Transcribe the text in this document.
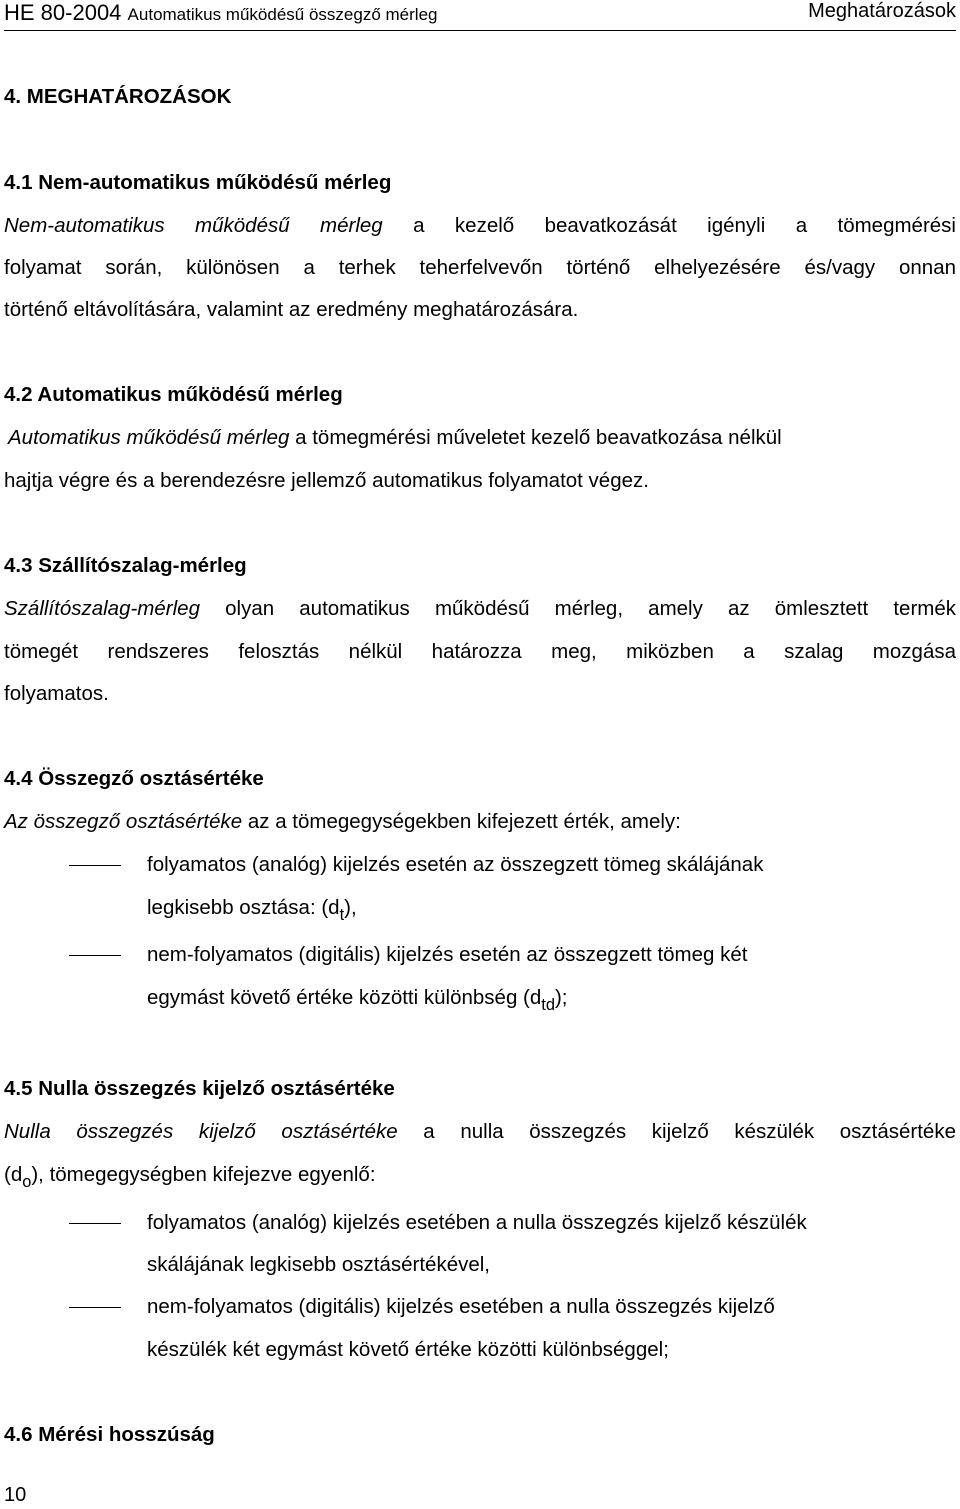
HE 80-2004 Automatikus működésű összegző mérleg	Meghatározások
4. MEGHATÁROZÁSOK
4.1 Nem-automatikus működésű mérleg
Nem-automatikus működésű mérleg a kezelő beavatkozását igényli a tömegmérési
folyamat során, különösen a terhek teherfelvevőn történő elhelyezésére és/vagy onnan
történő eltávolítására, valamint az eredmény meghatározására.
4.2 Automatikus működésű mérleg
Automatikus működésű mérleg a tömegmérési műveletet kezelő beavatkozása nélkül
hajtja végre és a berendezésre jellemző automatikus folyamatot végez.
4.3 Szállítószalag-mérleg
Szállítószalag-mérleg olyan automatikus működésű mérleg, amely az ömlesztett termék
tömegét rendszeres felosztás nélkül határozza meg, miközben a szalag mozgása
folyamatos.
4.4 Összegző osztásértéke
Az összegző osztásértéke az a tömegegységekben kifejezett érték, amely:
folyamatos (analóg) kijelzés esetén az összegzett tömeg skálájának
legkisebb osztása: $(d_t)$,
nem-folyamatos (digitális) kijelzés esetén az összegzett tömeg két
egymást követő értéke közötti különbség $(d_{td})$;
4.5 Nulla összegzés kijelző osztásértéke
Nulla összegzés kijelző osztásértéke a nulla összegzés kijelző készülék osztásértéke
$(d_o)$, tömegegységben kifejezve egyenlő:
folyamatos (analóg) kijelzés esetében a nulla összegzés kijelző készülék
skálájának legkisebb osztásértékével,
nem-folyamatos (digitális) kijelzés esetében a nulla összegzés kijelző
készülék két egymást követő értéke közötti különbséggel;
4.6 Mérési hosszúság
10
